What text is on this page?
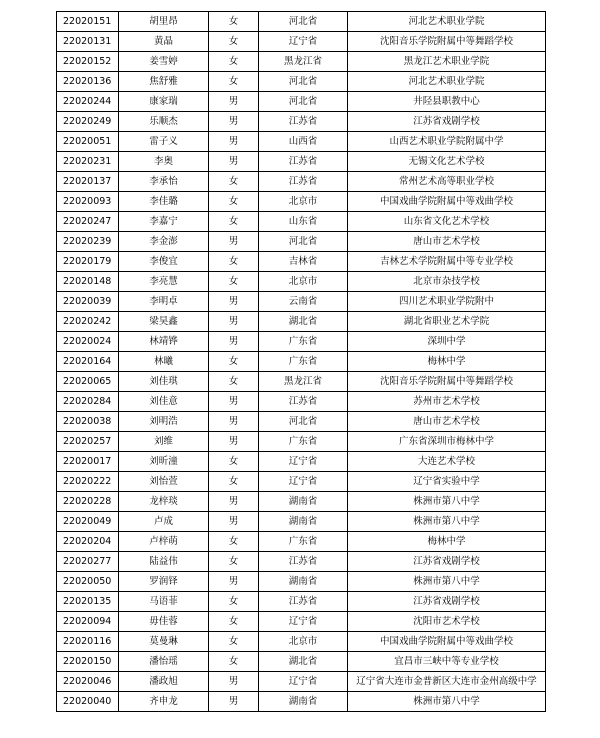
22020151	胡里昂	女	河北省	河北艺术职业学院
22020131	黄晶	女	辽宁省	沈阳音乐学院附属中等舞蹈学校
22020152	姜雪婷	女	黑龙江省	黑龙江艺术职业学院
22020136	焦舒雅	女	河北省	河北艺术职业学院
22020244	康家瑞	男	河北省	井陉县职教中心
22020249	乐顺杰	男	江苏省	江苏省戏剧学校
22020051	雷子义	男	山西省	山西艺术职业学院附属中学
22020231	李奥	男	江苏省	无锡文化艺术学校
22020137	李承怡	女	江苏省	常州艺术高等职业学校
22020093	李佳璐	女	北京市	中国戏曲学院附属中等戏曲学校
22020247	李嘉宁	女	山东省	山东省文化艺术学校
22020239	李金澎	男	河北省	唐山市艺术学校
22020179	李俊宜	女	吉林省	吉林艺术学院附属中等专业学校
22020148	李亮慧	女	北京市	北京市杂技学校
22020039	李明卓	男	云南省	四川艺术职业学院附中
22020242	梁昊鑫	男	湖北省	湖北省职业艺术学院
22020024	林靖铧	男	广东省	深圳中学
22020164	林曦	女	广东省	梅林中学
22020065	刘佳琪	女	黑龙江省	沈阳音乐学院附属中等舞蹈学校
22020284	刘佳意	男	江苏省	苏州市艺术学校
22020038	刘明浩	男	河北省	唐山市艺术学校
22020257	刘维	男	广东省	广东省深圳市梅林中学
22020017	刘昕潼	女	辽宁省	大连艺术学校
22020222	刘怡萱	女	辽宁省	辽宁省实验中学
22020228	龙梓琰	男	湖南省	株洲市第八中学
22020049	卢成	男	湖南省	株洲市第八中学
22020204	卢梓萌	女	广东省	梅林中学
22020277	陆益伟	女	江苏省	江苏省戏剧学校
22020050	罗润铎	男	湖南省	株洲市第八中学
22020135	马语菲	女	江苏省	江苏省戏剧学校
22020094	毋佳蓉	女	辽宁省	沈阳市艺术学校
22020116	莫曼琳	女	北京市	中国戏曲学院附属中等戏曲学校
22020150	潘怡瑶	女	湖北省	宜昌市三峡中等专业学校
22020046	潘政旭	男	辽宁省	辽宁省大连市金普新区大连市金州高级中学
22020040	齐申龙	男	湖南省	株洲市第八中学
